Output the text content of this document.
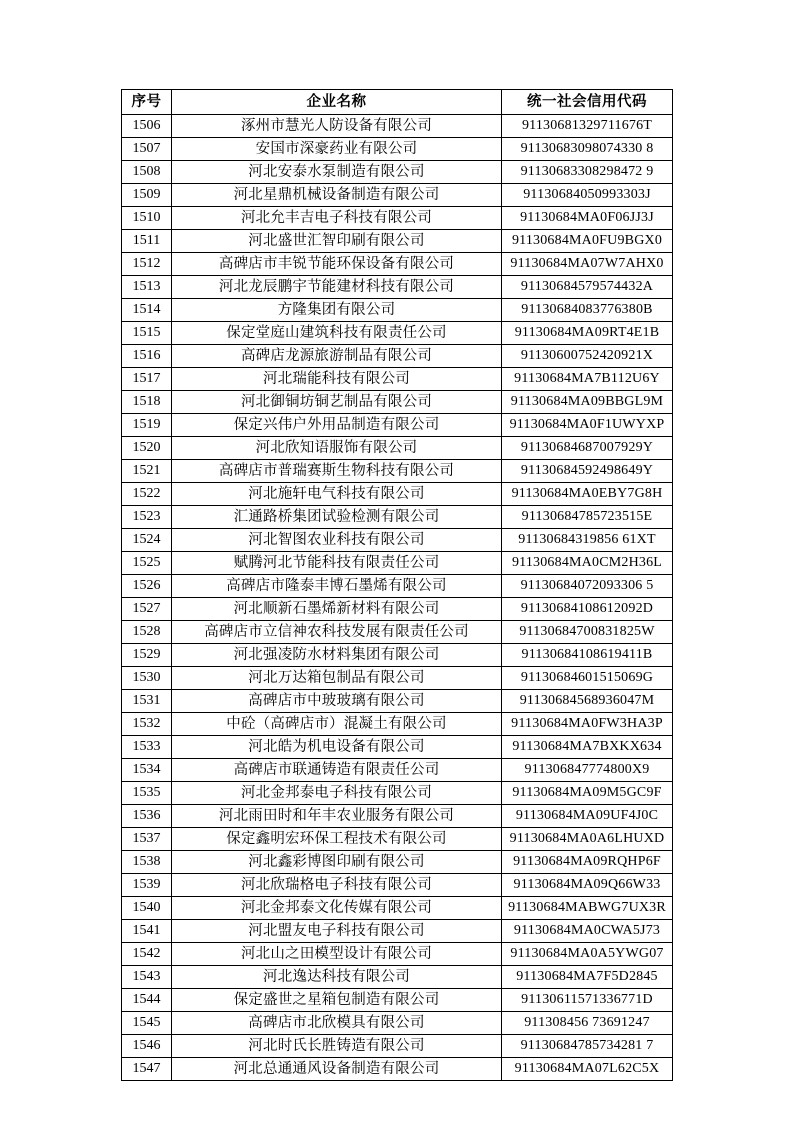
序号	企业名称	统一社会信用代码
1506	涿州市慧光人防设备有限公司	91130681329711676T
1507	安国市深豪药业有限公司	91130683098074330 8
1508	河北安泰水泵制造有限公司	91130683308298472 9
1509	河北星鼎机械设备制造有限公司	91130684050993303J
1510	河北允丰吉电子科技有限公司	91130684MA0F06JJ3J
1511	河北盛世汇智印刷有限公司	91130684MA0FU9BGX0
1512	高碑店市丰锐节能环保设备有限公司	91130684MA07W7AHX0
1513	河北龙辰鹏宇节能建材科技有限公司	91130684579574432A
1514	方隆集团有限公司	91130684083776380B
1515	保定堂庭山建筑科技有限责任公司	91130684MA09RT4E1B
1516	高碑店龙源旅游制品有限公司	91130600752420921X
1517	河北瑞能科技有限公司	91130684MA7B112U6Y
1518	河北御铜坊铜艺制品有限公司	91130684MA09BBGL9M
1519	保定兴伟户外用品制造有限公司	91130684MA0F1UWYXP
1520	河北欣知语服饰有限公司	91130684687007929Y
1521	高碑店市普瑞赛斯生物科技有限公司	91130684592498649Y
1522	河北施轩电气科技有限公司	91130684MA0EBY7G8H
1523	汇通路桥集团试验检测有限公司	91130684785723515E
1524	河北智图农业科技有限公司	91130684319856 61XT
1525	赋腾河北节能科技有限责任公司	91130684MA0CM2H36L
1526	高碑店市隆泰丰博石墨烯有限公司	91130684072093306 5
1527	河北顺新石墨烯新材料有限公司	91130684108612092D
1528	高碑店市立信神农科技发展有限责任公司	91130684700831825W
1529	河北强凌防水材料集团有限公司	91130684108619411B
1530	河北万达箱包制品有限公司	91130684601515069G
1531	高碑店市中玻玻璃有限公司	91130684568936047M
1532	中砼（高碑店市）混凝土有限公司	91130684MA0FW3HA3P
1533	河北皓为机电设备有限公司	91130684MA7BXKX634
1534	高碑店市联通铸造有限责任公司	911306847774800X9
1535	河北金邦泰电子科技有限公司	91130684MA09M5GC9F
1536	河北雨田时和年丰农业服务有限公司	91130684MA09UF4J0C
1537	保定鑫明宏环保工程技术有限公司	91130684MA0A6LHUXD
1538	河北鑫彩博图印刷有限公司	91130684MA09RQHP6F
1539	河北欣瑞格电子科技有限公司	91130684MA09Q66W33
1540	河北金邦泰文化传媒有限公司	91130684MABWG7UX3R
1541	河北盟友电子科技有限公司	91130684MA0CWA5J73
1542	河北山之田模型设计有限公司	91130684MA0A5YWG07
1543	河北逸达科技有限公司	91130684MA7F5D2845
1544	保定盛世之星箱包制造有限公司	91130611571336771D
1545	高碑店市北欣模具有限公司	911308456 73691247
1546	河北时氏长胜铸造有限公司	91130684785734281 7
1547	河北总通通风设备制造有限公司	91130684MA07L62C5X
